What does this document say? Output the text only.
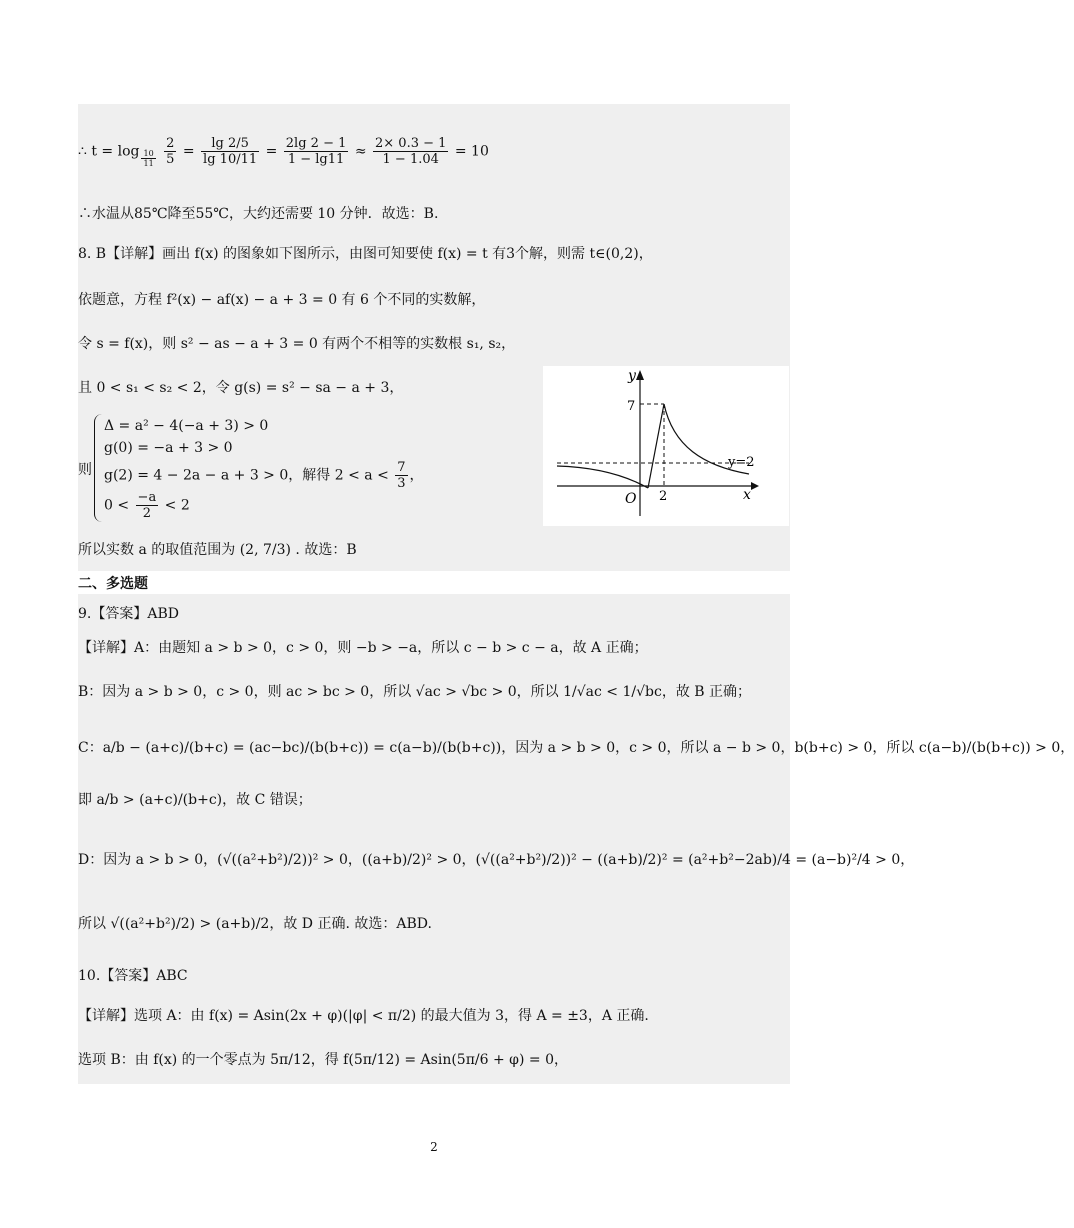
∴ $t = \log \frac{10}{11}$
$\frac{2}{5} = \frac{\lg 2/5}{\lg 10/11} = \frac{2\lg 2 - 1}{1 - \lg 11} \approx \frac{2\times 0.3 - 1}{1 - 1.04} = 10$
∴水温从85℃降至55℃，大约还需要 10 分钟．故选：B.
8. B【详解】画出 f(x) 的图象如下图所示，由图可知要使 f(x) = t 有3个解，则需 t∈(0,2)，
依题意，方程 f²(x) − af(x) − a + 3 = 0 有 6 个不同的实数解，
令 s = f(x)，则 s² − as − a + 3 = 0 有两个不相等的实数根 s₁, s₂，
且 0 < s₁ < s₂ < 2，令 g(s) = s² − sa − a + 3，
则
Δ = a² − 4(−a + 3) > 0
g(0) = −a + 3 > 0
g(2) = 4 − 2a − a + 3 > 0，解得 $2 < a < \frac{7}{3}$ ，
$0 < \frac{-a}{2} < 2$
所以实数 a 的取值范围为 (2, 7/3) . 故选：B
y
x
O 2
7
y=2
二、多选题
9.【答案】ABD
【详解】A：由题知 a > b > 0，c > 0，则 −b > −a，所以 c − b > c − a，故 A 正确；
B：因为 a > b > 0，c > 0，则 ac > bc > 0，所以 √ac > √bc > 0，所以 1/√ac < 1/√bc，故 B 正确；
C：a/b − (a+c)/(b+c) = (ac−bc)/(b(b+c)) = c(a−b)/(b(b+c))，因为 a > b > 0，c > 0，所以 a − b > 0，b(b+c) > 0，所以 c(a−b)/(b(b+c)) > 0，
即 a/b > (a+c)/(b+c)，故 C 错误；
D：因为 a > b > 0，(√((a²+b²)/2))² > 0，((a+b)/2)² > 0，(√((a²+b²)/2))² − ((a+b)/2)² = (a²+b²−2ab)/4 = (a−b)²/4 > 0，
所以 √((a²+b²)/2) > (a+b)/2，故 D 正确. 故选：ABD.
10.【答案】ABC
【详解】选项 A：由 f(x) = Asin(2x + φ)(|φ| < π/2) 的最大值为 3，得 A = ±3，A 正确.
选项 B：由 f(x) 的一个零点为 5π/12，得 f(5π/12) = Asin(5π/6 + φ) = 0，
2
